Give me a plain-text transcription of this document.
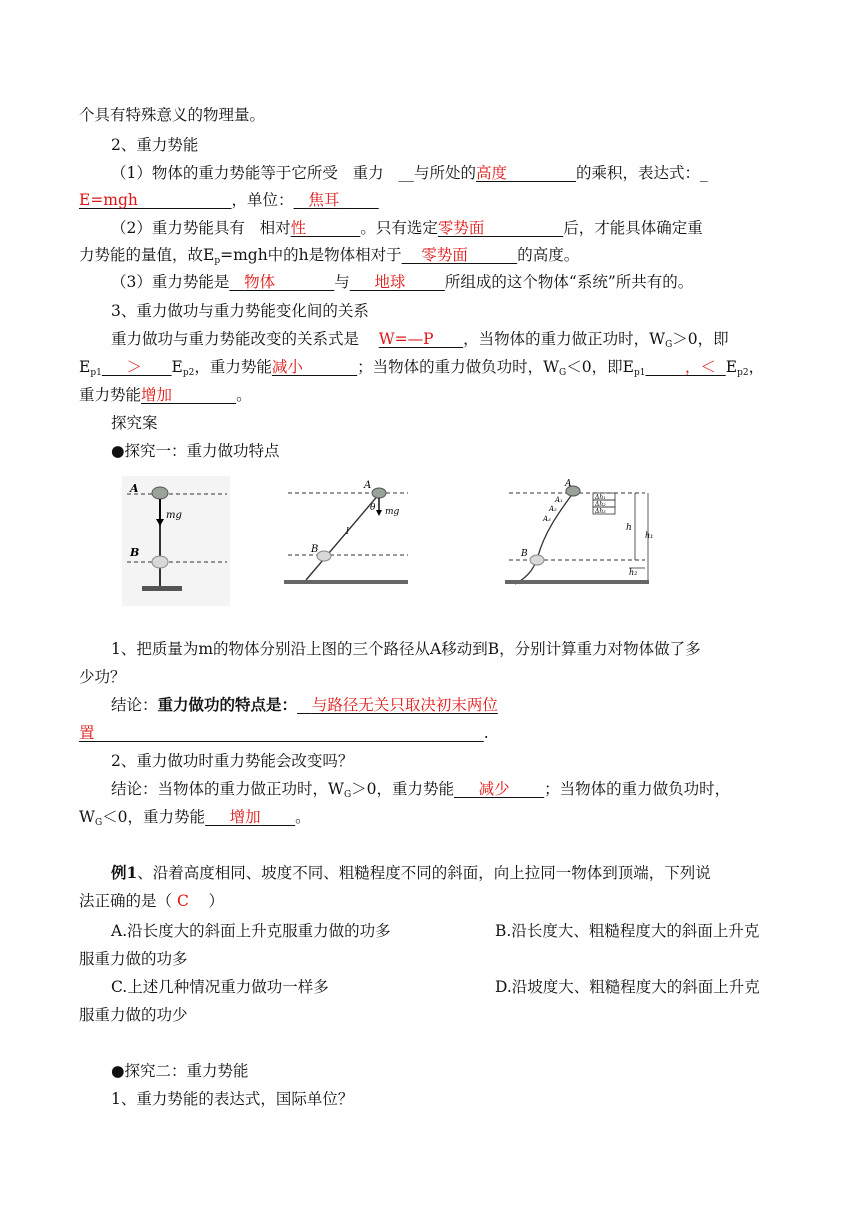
个具有特殊意义的物理量。
2、重力势能
（1）物体的重力势能等于它所受 重力 __与所处的高度	的乘积，表达式：_
E=mgh	，单位： 焦耳
（2）重力势能具有 相对性	。只有选定零势面	后，才能具体确定重
力势能的量值，故$E_p=mgh$中的h是物体相对于 零势面	的高度。
（3）重力势能是 物体	与 地球	所组成的这个物体“系统”所共有的。
3、重力做功与重力势能变化间的关系
重力做功与重力势能改变的关系式是 W=—P ，当物体的重力做正功时，$W_G>0$，即
$E_{p1} > E_{p2}$，重力势能减小	；当物体的重力做负功时，$W_G<0$，即$E_{p1}$	，＜ $E_{p2}$，
重力势能增加	。
探究案
●探究一：重力做功特点
A
B
mg
A
B
mg
θ
l
A
B
A₁
A₂
A₃
Δh₁
Δh₂
Δh₃
h
h₁
h₂
1、把质量为m的物体分别沿上图的三个路径从A移动到B，分别计算重力对物体做了多
少功？
结论：重力做功的特点是： 与路径无关只取决初末两位
置	.
2、重力做功时重力势能会改变吗？
结论：当物体的重力做正功时，$W_G>0$，重力势能 减少 ；当物体的重力做负功时，
$W_G<0$，重力势能 增加 。
例1、沿着高度相同、坡度不同、粗糙程度不同的斜面，向上拉同一物体到顶端，下列说
法正确的是（ C ）
A.沿长度大的斜面上升克服重力做的功多	B.沿长度大、粗糙程度大的斜面上升克
服重力做的功多
C.上述几种情况重力做功一样多	D.沿坡度大、粗糙程度大的斜面上升克
服重力做的功少
●探究二：重力势能
1、重力势能的表达式，国际单位？
